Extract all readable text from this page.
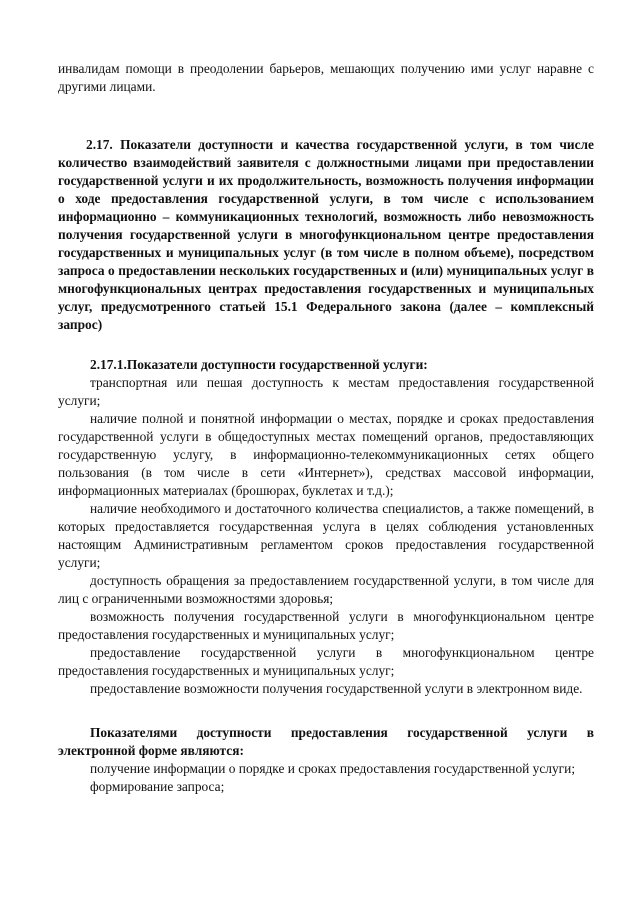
инвалидам помощи в преодолении барьеров, мешающих получению ими услуг наравне с другими лицами.

2.17. Показатели доступности и качества государственной услуги, в том числе количество взаимодействий заявителя с должностными лицами при предоставлении государственной услуги и их продолжительность, возможность получения информации о ходе предоставления государственной услуги, в том числе с использованием информационно – коммуникационных технологий, возможность либо невозможность получения государственной услуги в многофункциональном центре предоставления государственных и муниципальных услуг (в том числе в полном объеме), посредством запроса о предоставлении нескольких государственных и (или) муниципальных услуг в многофункциональных центрах предоставления государственных и муниципальных услуг, предусмотренного статьей 15.1 Федерального закона (далее – комплексный запрос)

2.17.1.Показатели доступности государственной услуги:

транспортная или пешая доступность к местам предоставления государственной услуги;

наличие полной и понятной информации о местах, порядке и сроках предоставления государственной услуги в общедоступных местах помещений органов, предоставляющих государственную услугу, в информационно-телекоммуникационных сетях общего пользования (в том числе в сети «Интернет»), средствах массовой информации, информационных материалах (брошюрах, буклетах и т.д.);

наличие необходимого и достаточного количества специалистов, а также помещений, в которых предоставляется государственная услуга в целях соблюдения установленных настоящим Административным регламентом сроков предоставления государственной услуги;

доступность обращения за предоставлением государственной услуги, в том числе для лиц с ограниченными возможностями здоровья;

возможность получения государственной услуги в многофункциональном центре предоставления государственных и муниципальных услуг;

предоставление государственной услуги в многофункциональном центре предоставления государственных и муниципальных услуг;

предоставление возможности получения государственной услуги в электронном виде.

Показателями доступности предоставления государственной услуги в электронной форме являются:

получение информации о порядке и сроках предоставления государственной услуги;

формирование запроса;
